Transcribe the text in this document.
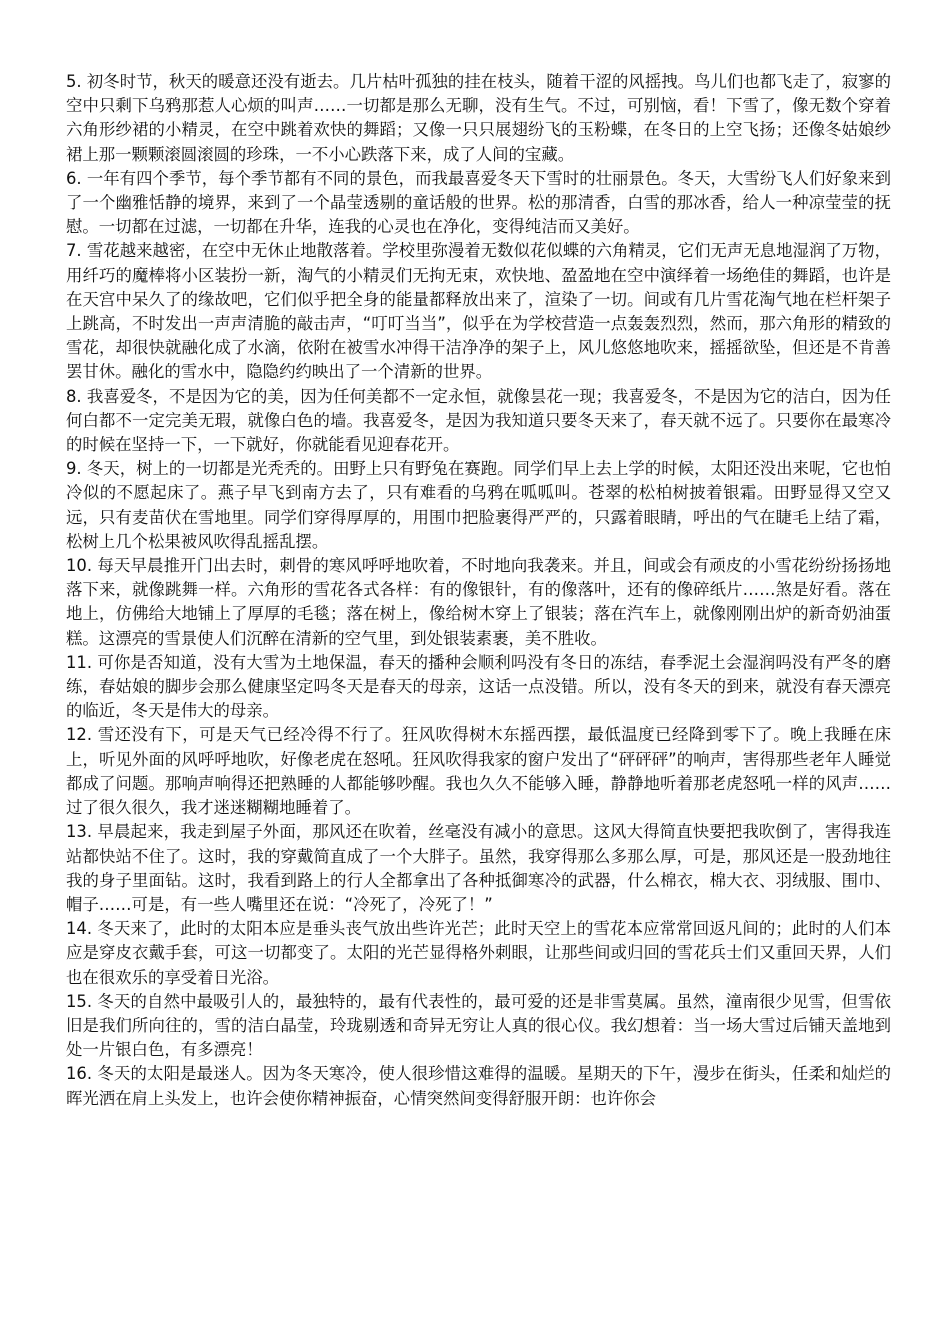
5. 初冬时节，秋天的暖意还没有逝去。几片枯叶孤独的挂在枝头，随着干涩的风摇拽。鸟儿们也都飞走了，寂寥的空中只剩下乌鸦那惹人心烦的叫声……一切都是那么无聊，没有生气。不过，可别恼，看！下雪了，像无数个穿着六角形纱裙的小精灵，在空中跳着欢快的舞蹈；又像一只只展翅纷飞的玉粉蝶，在冬日的上空飞扬；还像冬姑娘纱裙上那一颗颗滚圆滚圆的珍珠，一不小心跌落下来，成了人间的宝藏。

6. 一年有四个季节，每个季节都有不同的景色，而我最喜爱冬天下雪时的壮丽景色。冬天，大雪纷飞人们好象来到了一个幽雅恬静的境界，来到了一个晶莹透剔的童话般的世界。松的那清香，白雪的那冰香，给人一种凉莹莹的抚慰。一切都在过滤，一切都在升华，连我的心灵也在净化，变得纯洁而又美好。

7. 雪花越来越密，在空中无休止地散落着。学校里弥漫着无数似花似蝶的六角精灵，它们无声无息地湿润了万物，用纤巧的魔棒将小区装扮一新，淘气的小精灵们无拘无束，欢快地、盈盈地在空中演绎着一场绝佳的舞蹈，也许是在天宫中呆久了的缘故吧，它们似乎把全身的能量都释放出来了，渲染了一切。间或有几片雪花淘气地在栏杆架子上跳高，不时发出一声声清脆的敲击声，“叮叮当当”，似乎在为学校营造一点轰轰烈烈，然而，那六角形的精致的雪花，却很快就融化成了水滴，依附在被雪水冲得干洁净净的架子上，风儿悠悠地吹来，摇摇欲坠，但还是不肯善罢甘休。融化的雪水中，隐隐约约映出了一个清新的世界。

8. 我喜爱冬，不是因为它的美，因为任何美都不一定永恒，就像昙花一现；我喜爱冬，不是因为它的洁白，因为任何白都不一定完美无瑕，就像白色的墙。我喜爱冬，是因为我知道只要冬天来了，春天就不远了。只要你在最寒冷的时候在坚持一下，一下就好，你就能看见迎春花开。

9. 冬天，树上的一切都是光秃秃的。田野上只有野兔在赛跑。同学们早上去上学的时候，太阳还没出来呢，它也怕冷似的不愿起床了。燕子早飞到南方去了，只有难看的乌鸦在呱呱叫。苍翠的松柏树披着银霜。田野显得又空又远，只有麦苗伏在雪地里。同学们穿得厚厚的，用围巾把脸裹得严严的，只露着眼睛，呼出的气在睫毛上结了霜，松树上几个松果被风吹得乱摇乱摆。

10. 每天早晨推开门出去时，刺骨的寒风呼呼地吹着，不时地向我袭来。并且，间或会有顽皮的小雪花纷纷扬扬地落下来，就像跳舞一样。六角形的雪花各式各样：有的像银针，有的像落叶，还有的像碎纸片……煞是好看。落在地上，仿佛给大地铺上了厚厚的毛毯；落在树上，像给树木穿上了银装；落在汽车上，就像刚刚出炉的新奇奶油蛋糕。这漂亮的雪景使人们沉醉在清新的空气里，到处银装素裹，美不胜收。

11. 可你是否知道，没有大雪为土地保温，春天的播种会顺利吗没有冬日的冻结，春季泥土会湿润吗没有严冬的磨练，春姑娘的脚步会那么健康坚定吗冬天是春天的母亲，这话一点没错。所以，没有冬天的到来，就没有春天漂亮的临近，冬天是伟大的母亲。

12. 雪还没有下，可是天气已经冷得不行了。狂风吹得树木东摇西摆，最低温度已经降到零下了。晚上我睡在床上，听见外面的风呼呼地吹，好像老虎在怒吼。狂风吹得我家的窗户发出了“砰砰砰”的响声，害得那些老年人睡觉都成了问题。那响声响得还把熟睡的人都能够吵醒。我也久久不能够入睡，静静地听着那老虎怒吼一样的风声……过了很久很久，我才迷迷糊糊地睡着了。

13. 早晨起来，我走到屋子外面，那风还在吹着，丝毫没有减小的意思。这风大得简直快要把我吹倒了，害得我连站都快站不住了。这时，我的穿戴简直成了一个大胖子。虽然，我穿得那么多那么厚，可是，那风还是一股劲地往我的身子里面钻。这时，我看到路上的行人全都拿出了各种抵御寒冷的武器，什么棉衣，棉大衣、羽绒服、围巾、帽子……可是，有一些人嘴里还在说：“冷死了，冷死了！”

14. 冬天来了，此时的太阳本应是垂头丧气放出些许光芒；此时天空上的雪花本应常常回返凡间的；此时的人们本应是穿皮衣戴手套，可这一切都变了。太阳的光芒显得格外刺眼，让那些间或归回的雪花兵士们又重回天界，人们也在很欢乐的享受着日光浴。

15. 冬天的自然中最吸引人的，最独特的，最有代表性的，最可爱的还是非雪莫属。虽然，潼南很少见雪，但雪依旧是我们所向往的，雪的洁白晶莹，玲珑剔透和奇异无穷让人真的很心仪。我幻想着：当一场大雪过后铺天盖地到处一片银白色，有多漂亮！

16. 冬天的太阳是最迷人。因为冬天寒冷，使人很珍惜这难得的温暖。星期天的下午，漫步在街头，任柔和灿烂的晖光洒在肩上头发上，也许会使你精神振奋，心情突然间变得舒服开朗：也许你会
